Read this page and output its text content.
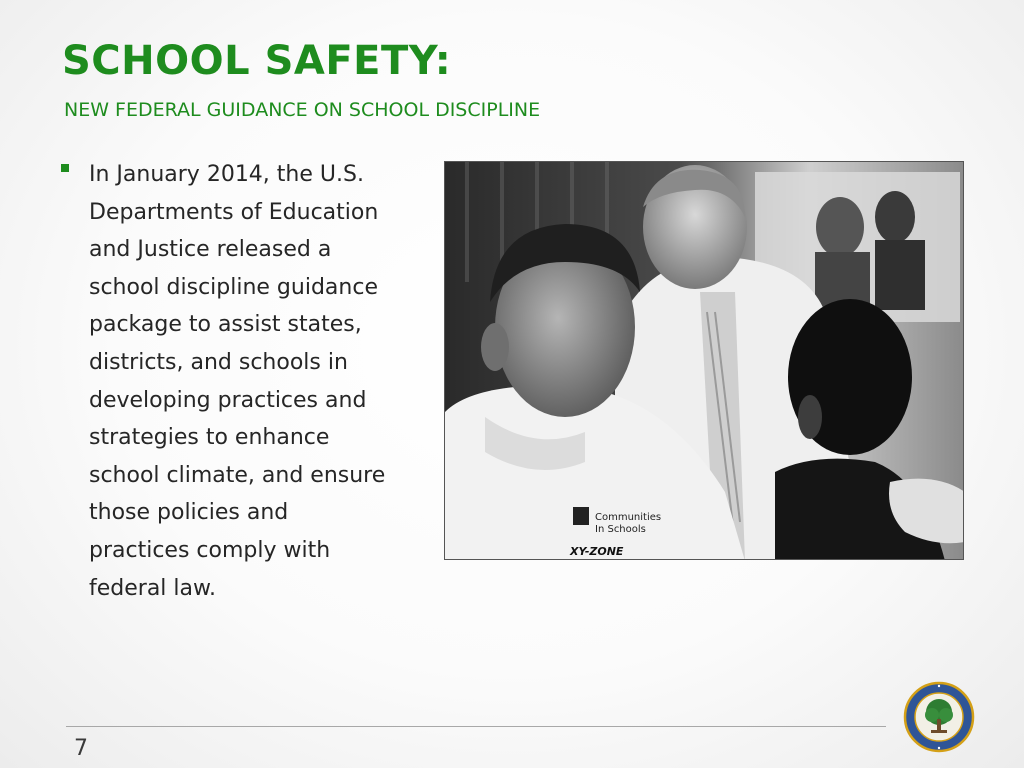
SCHOOL SAFETY:
NEW FEDERAL GUIDANCE ON SCHOOL DISCIPLINE

In January 2014, the U.S.
Departments of Education
and Justice released a
school discipline guidance
package to assist states,
districts, and schools in
developing practices and
strategies to enhance
school climate, and ensure
those policies and
practices comply with
federal law.

Communities
In Schools
XY-ZONE
7
